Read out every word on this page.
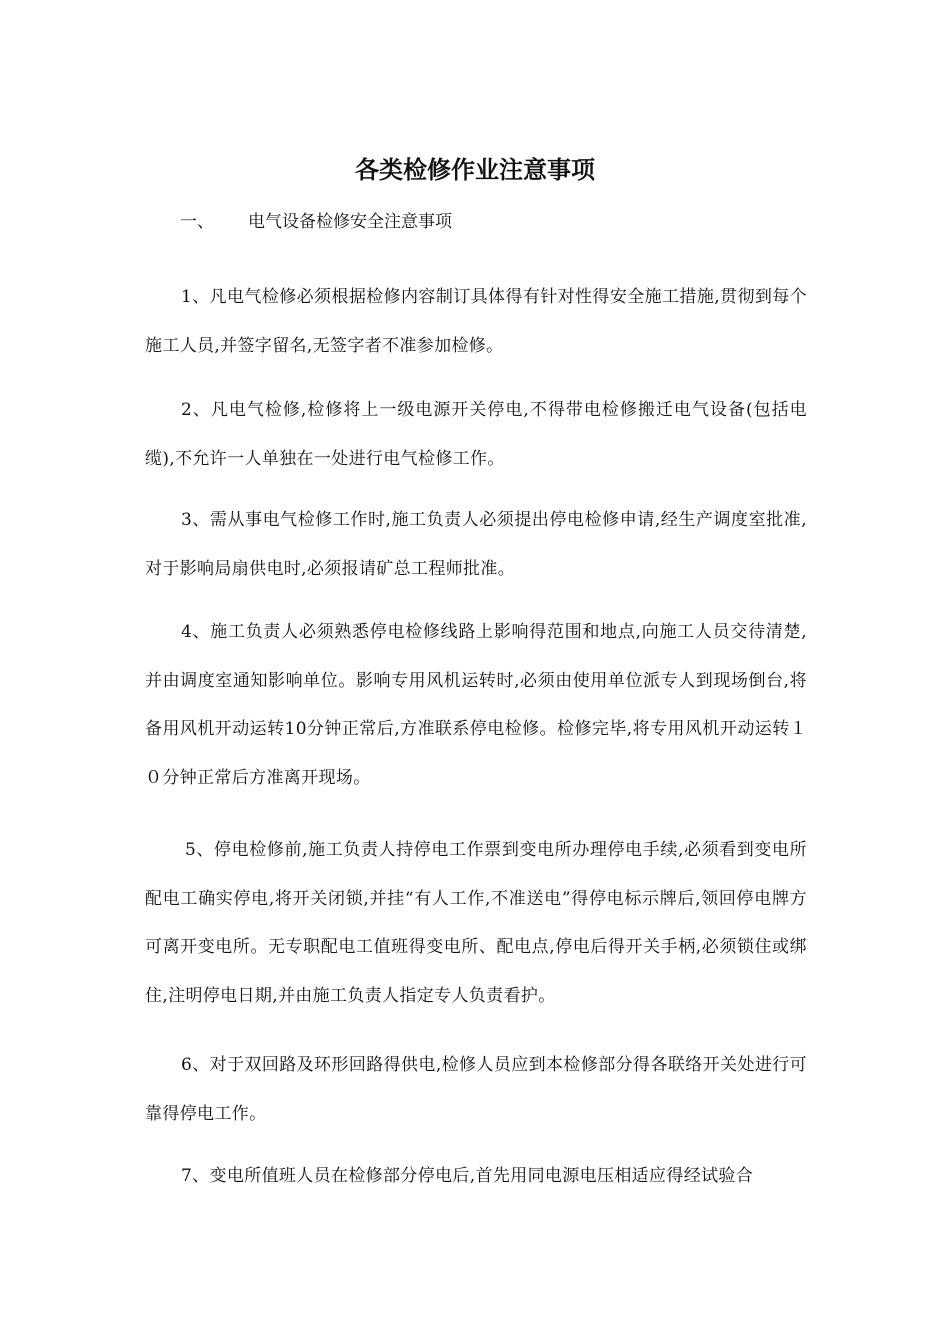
各类检修作业注意事项
一、 电气设备检修安全注意事项

1、凡电气检修必须根据检修内容制订具体得有针对性得安全施工措施,贯彻到每个施工人员,并签字留名,无签字者不准参加检修。

2、凡电气检修,检修将上一级电源开关停电,不得带电检修搬迁电气设备(包括电缆),不允许一人单独在一处进行电气检修工作。

3、需从事电气检修工作时,施工负责人必须提出停电检修申请,经生产调度室批准,对于影响局扇供电时,必须报请矿总工程师批准。

4、施工负责人必须熟悉停电检修线路上影响得范围和地点,向施工人员交待清楚,并由调度室通知影响单位。影响专用风机运转时,必须由使用单位派专人到现场倒台,将备用风机开动运转10分钟正常后,方准联系停电检修。检修完毕,将专用风机开动运转１０分钟正常后方准离开现场。

5、停电检修前,施工负责人持停电工作票到变电所办理停电手续,必须看到变电所配电工确实停电,将开关闭锁,并挂“有人工作,不准送电”得停电标示牌后,领回停电牌方可离开变电所。无专职配电工值班得变电所、配电点,停电后得开关手柄,必须锁住或绑住,注明停电日期,并由施工负责人指定专人负责看护。

6、对于双回路及环形回路得供电,检修人员应到本检修部分得各联络开关处进行可靠得停电工作。

7、变电所值班人员在检修部分停电后,首先用同电源电压相适应得经试验合
